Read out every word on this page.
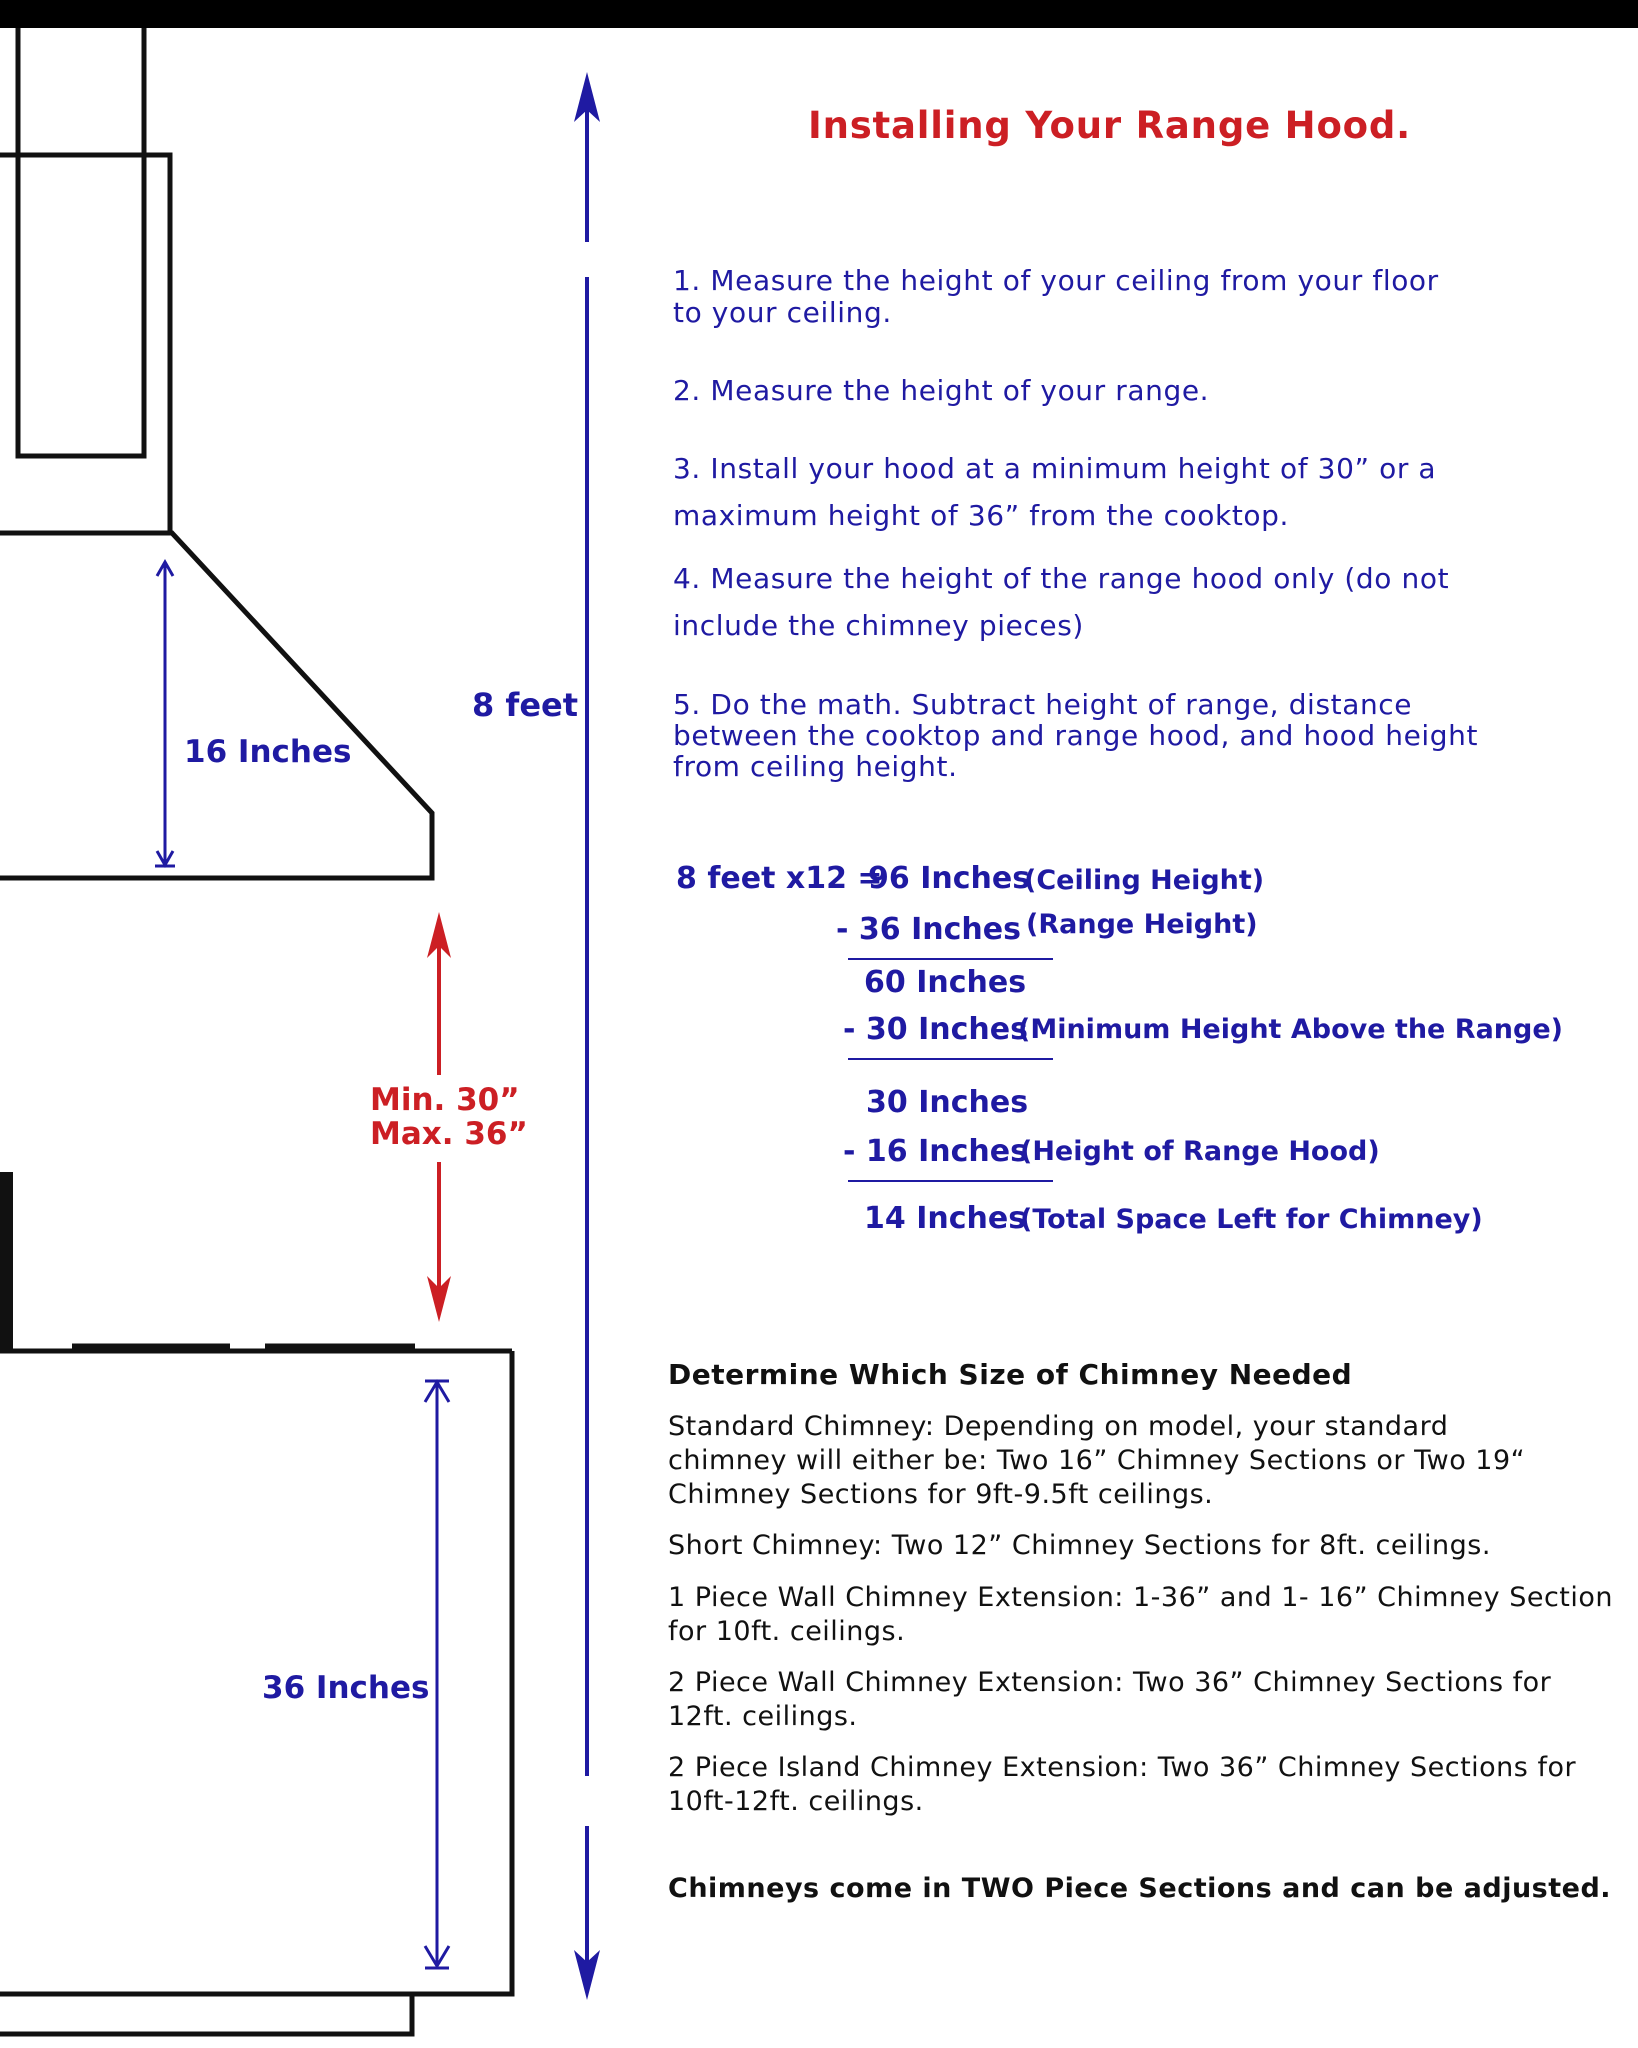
Installing Your Range Hood.
8 feet
16 Inches
Min. 30”
Max. 36”
36 Inches
1. Measure the height of your ceiling from your floor
to your ceiling.
2. Measure the height of your range.
3. Install your hood at a minimum height of 30” or a
maximum height of 36” from the cooktop.
4. Measure the height of the range hood only (do not
include the chimney pieces)
5. Do the math. Subtract height of range, distance
between the cooktop and range hood, and hood height
from ceiling height.
8 feet x12 =
96 Inches
(Ceiling Height)
- 36 Inches (Range Height)
60 Inches
- 30 Inches
(Minimum Height Above the Range)
30 Inches
- 16 Inches
(Height of Range Hood)
14 Inches
(Total Space Left for Chimney)
Determine Which Size of Chimney Needed
Standard Chimney: Depending on model, your standard
chimney will either be: Two 16” Chimney Sections or Two 19“
Chimney Sections for 9ft-9.5ft ceilings.
Short Chimney: Two 12” Chimney Sections for 8ft. ceilings.
1 Piece Wall Chimney Extension: 1-36” and 1- 16” Chimney Section
for 10ft. ceilings.
2 Piece Wall Chimney Extension: Two 36” Chimney Sections for
12ft. ceilings.
2 Piece Island Chimney Extension: Two 36” Chimney Sections for
10ft-12ft. ceilings.
Chimneys come in TWO Piece Sections and can be adjusted.
